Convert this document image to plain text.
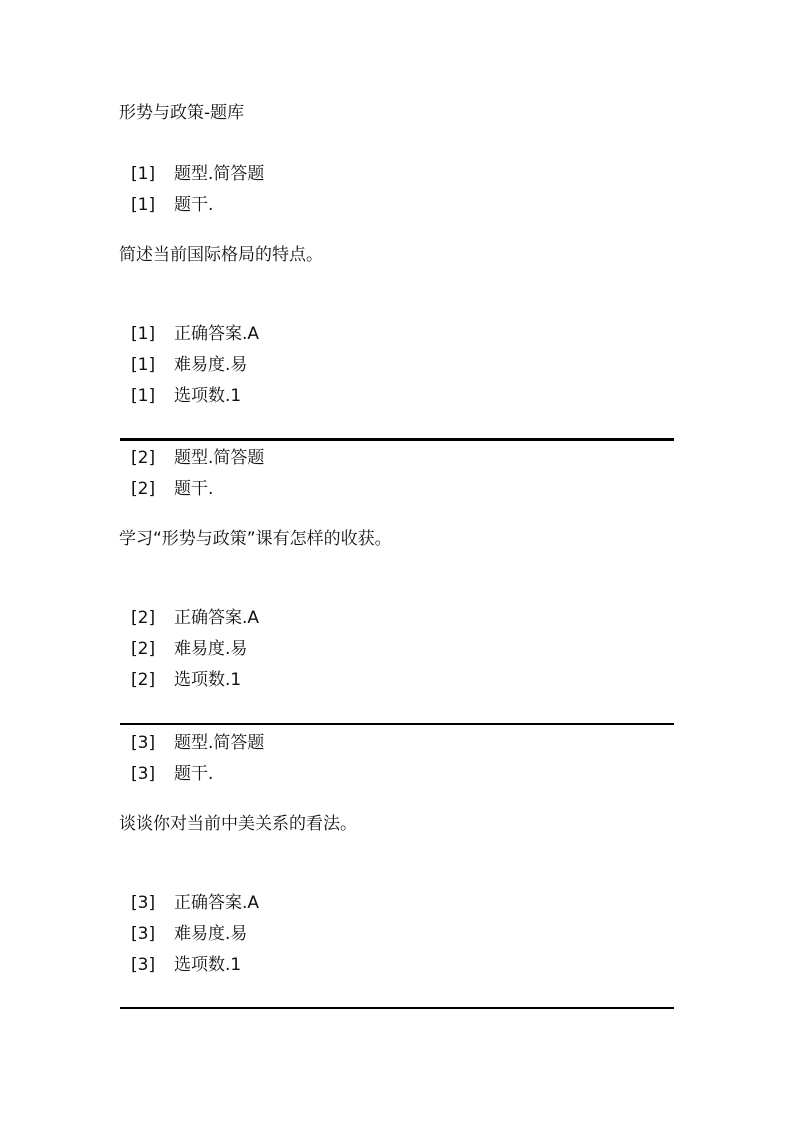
形势与政策-题库
[1] 题型.简答题
[1] 题干.
简述当前国际格局的特点。
[1] 正确答案.A
[1] 难易度.易
[1] 选项数.1
[2] 题型.简答题
[2] 题干.
学习“形势与政策”课有怎样的收获。
[2] 正确答案.A
[2] 难易度.易
[2] 选项数.1
[3] 题型.简答题
[3] 题干.
谈谈你对当前中美关系的看法。
[3] 正确答案.A
[3] 难易度.易
[3] 选项数.1
